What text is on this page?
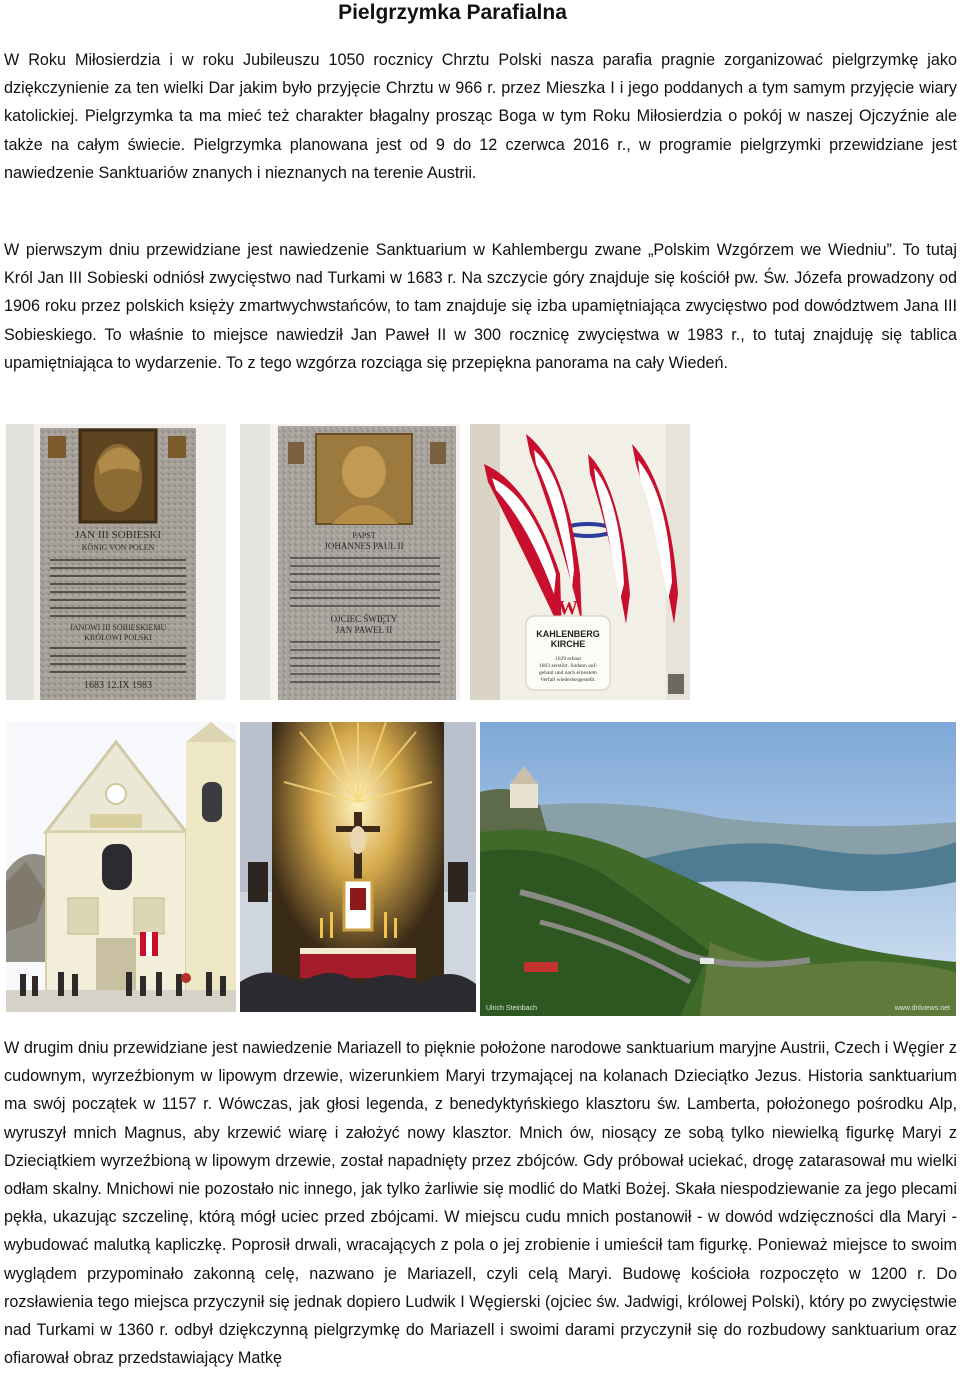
Pielgrzymka Parafialna

W Roku Miłosierdzia i w roku Jubileuszu 1050 rocznicy Chrztu Polski nasza parafia pragnie zorganizować pielgrzymkę jako dziękczynienie za ten wielki Dar jakim było przyjęcie Chrztu w 966 r. przez Mieszka I i jego poddanych a tym samym przyjęcie wiary katolickiej. Pielgrzymka ta ma mieć też charakter błagalny prosząc Boga w tym Roku Miłosierdzia o pokój w naszej Ojczyźnie ale także na całym świecie. Pielgrzymka planowana jest od 9 do 12 czerwca 2016 r., w programie pielgrzymki przewidziane jest nawiedzenie Sanktuariów znanych i nieznanych na terenie Austrii.

W pierwszym dniu przewidziane jest nawiedzenie Sanktuarium w Kahlembergu zwane „Polskim Wzgórzem we Wiedniu”. To tutaj Król Jan III Sobieski odniósł zwycięstwo nad Turkami w 1683 r. Na szczycie góry znajduje się kościół pw. Św. Józefa prowadzony od 1906 roku przez polskich księży zmartwychwstańców, to tam znajduje się izba upamiętniająca zwycięstwo pod dowództwem Jana III Sobieskiego. To właśnie to miejsce nawiedził Jan Paweł II w 300 rocznicę zwycięstwa w 1983 r., to tutaj znajduję się tablica upamiętniająca to wydarzenie. To z tego wzgórza rozciąga się przepiękna panorama na cały Wiedeń.

JAN III SOBIESKI
KÖNIG VON POLEN
JANOWI III SOBIESKIEMU
KRÓLOWI POLSKI
1683 12.IX 1983
PAPST
JOHANNES PAUL II
OJCIEC ŚWIĘTY
JAN PAWEŁ II
W
KAHLENBERG
KIRCHE
1629 erbaut
1683 zerstört. Sodann auf-
gebaut und nach erneutem
Verfall wiederhergestellt.
Ulrich Steinbach	www.dnlviews.net

W drugim dniu przewidziane jest nawiedzenie Mariazell to pięknie położone narodowe sanktuarium maryjne Austrii, Czech i Węgier z cudownym, wyrzeźbionym w lipowym drzewie, wizerunkiem Maryi trzymającej na kolanach Dzieciątko Jezus. Historia sanktuarium ma swój początek w 1157 r. Wówczas, jak głosi legenda, z benedyktyńskiego klasztoru św. Lamberta, położonego pośrodku Alp, wyruszył mnich Magnus, aby krzewić wiarę i założyć nowy klasztor. Mnich ów, niosący ze sobą tylko niewielką figurkę Maryi z Dzieciątkiem wyrzeźbioną w lipowym drzewie, został napadnięty przez zbójców. Gdy próbował uciekać, drogę zatarasował mu wielki odłam skalny. Mnichowi nie pozostało nic innego, jak tylko żarliwie się modlić do Matki Bożej. Skała niespodziewanie za jego plecami pękła, ukazując szczelinę, którą mógł uciec przed zbójcami. W miejscu cudu mnich postanowił - w dowód wdzięczności dla Maryi - wybudować malutką kapliczkę. Poprosił drwali, wracających z pola o jej zrobienie i umieścił tam figurkę. Ponieważ miejsce to swoim wyglądem przypominało zakonną celę, nazwano je Mariazell, czyli celą Maryi. Budowę kościoła rozpoczęto w 1200 r. Do rozsławienia tego miejsca przyczynił się jednak dopiero Ludwik I Węgierski (ojciec św. Jadwigi, królowej Polski), który po zwycięstwie nad Turkami w 1360 r. odbył dziękczynną pielgrzymkę do Mariazell i swoimi darami przyczynił się do rozbudowy sanktuarium oraz ofiarował obraz przedstawiający Matkę
